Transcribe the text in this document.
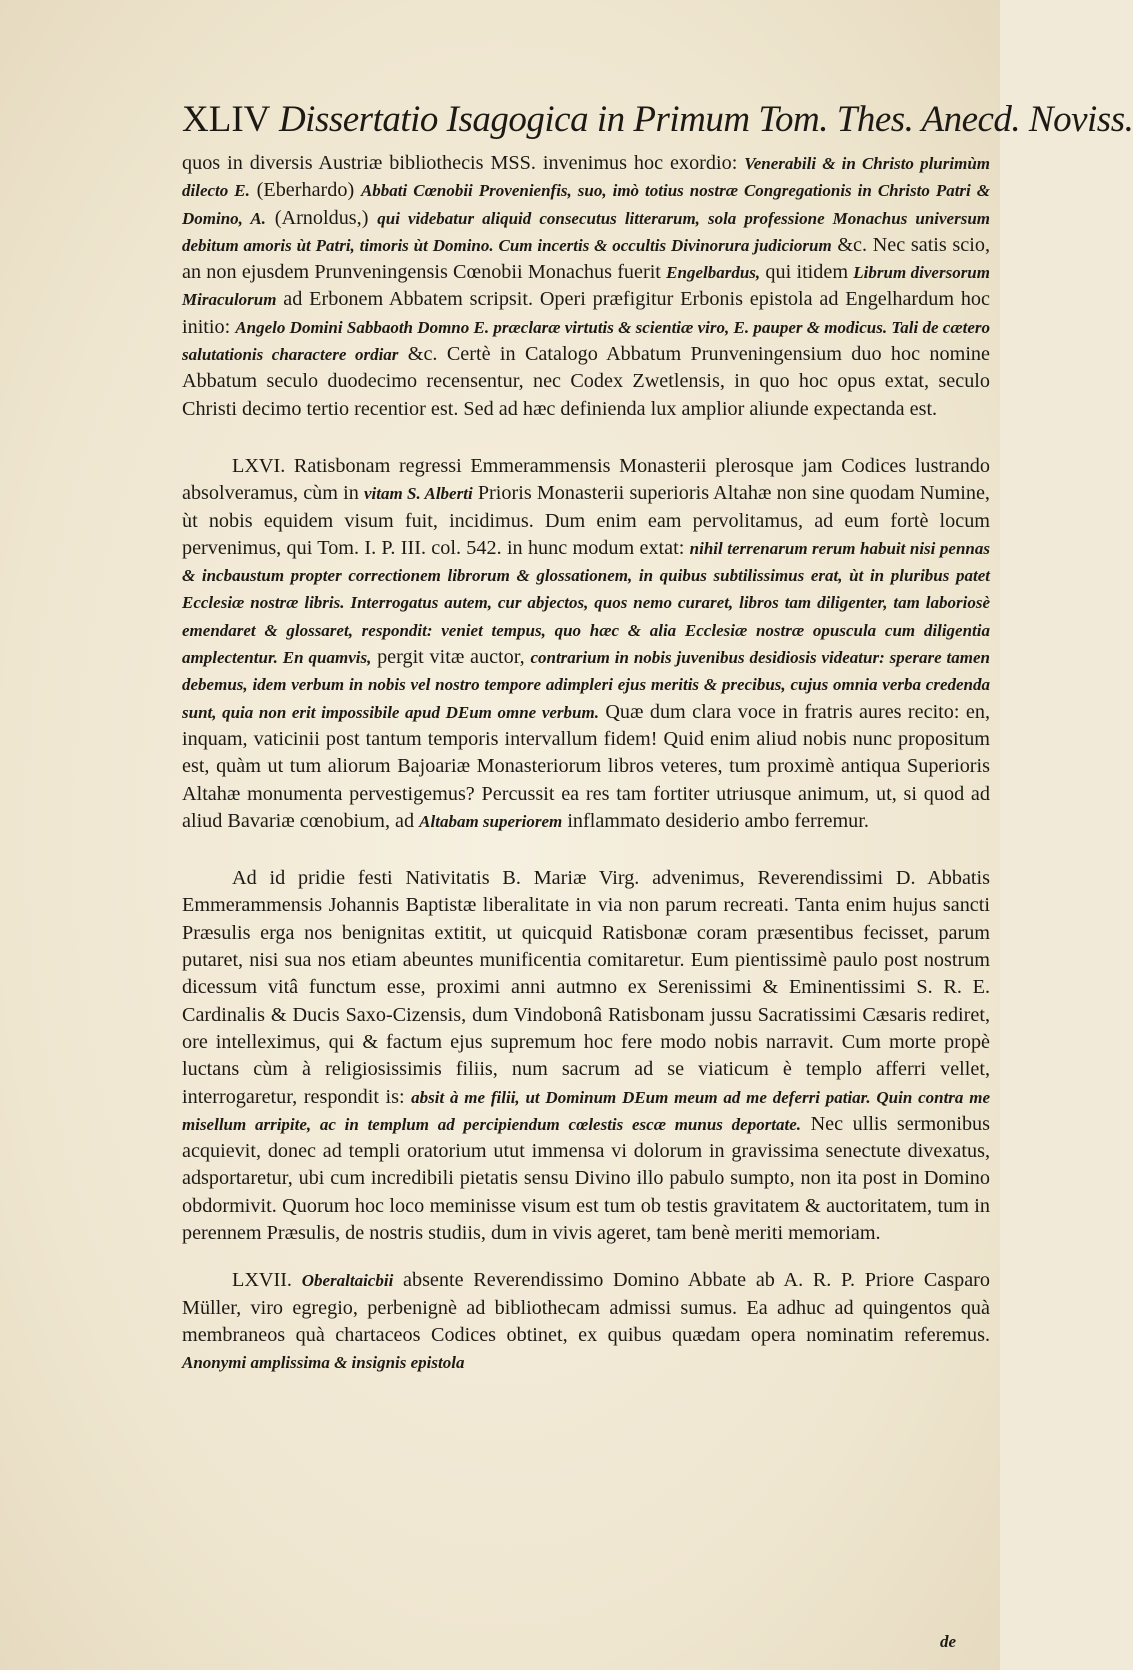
XLIV Dissertatio Isagogica in Primum Tom. Thes. Anecd. Noviss.

quos in diversis Austriæ bibliothecis MSS. invenimus hoc exordio: Venerabili & in Christo plurimùm dilecto E. (Eberhardo) Abbati Cœnobii Provenienfis, suo, imò totius nostræ Congregationis in Christo Patri & Domino, A. (Arnoldus,) qui videbatur aliquid consecutus litterarum, sola professione Monachus universum debitum amoris ùt Patri, timoris ùt Domino. Cum incertis & occultis Divinorura judiciorum &c. Nec satis scio, an non ejusdem Prunveningensis Cœnobii Monachus fuerit Engelbardus, qui itidem Librum diversorum Miraculorum ad Erbonem Abbatem scripsit. Operi præfigitur Erbonis epistola ad Engelhardum hoc initio: Angelo Domini Sabbaoth Domno E. præclaræ virtutis & scientiæ viro, E. pauper & modicus. Tali de cætero salutationis charactere ordiar &c. Certè in Catalogo Abbatum Prunveningensium duo hoc nomine Abbatum seculo duodecimo recensentur, nec Codex Zwetlensis, in quo hoc opus extat, seculo Christi decimo tertio recentior est. Sed ad hæc definienda lux amplior aliunde expectanda est.

LXVI. Ratisbonam regressi Emmerammensis Monasterii plerosque jam Codices lustrando absolveramus, cùm in vitam S. Alberti Prioris Monasterii superioris Altahæ non sine quodam Numine, ùt nobis equidem visum fuit, incidimus. Dum enim eam pervolitamus, ad eum fortè locum pervenimus, qui Tom. I. P. III. col. 542. in hunc modum extat: nihil terrenarum rerum habuit nisi pennas & incbaustum propter correctionem librorum & glossationem, in quibus subtilissimus erat, ùt in pluribus patet Ecclesiæ nostræ libris. Interrogatus autem, cur abjectos, quos nemo curaret, libros tam diligenter, tam laboriosè emendaret & glossaret, respondit: veniet tempus, quo hæc & alia Ecclesiæ nostræ opuscula cum diligentia amplectentur. En quamvis, pergit vitæ auctor, contrarium in nobis juvenibus desidiosis videatur: sperare tamen debemus, idem verbum in nobis vel nostro tempore adimpleri ejus meritis & precibus, cujus omnia verba credenda sunt, quia non erit impossibile apud DEum omne verbum. Quæ dum clara voce in fratris aures recito: en, inquam, vaticinii post tantum temporis intervallum fidem! Quid enim aliud nobis nunc propositum est, quàm ut tum aliorum Bajoariæ Monasteriorum libros veteres, tum proximè antiqua Superioris Altahæ monumenta pervestigemus? Percussit ea res tam fortiter utriusque animum, ut, si quod ad aliud Bavariæ cœnobium, ad Altabam superiorem inflammato desiderio ambo ferremur.

Ad id pridie festi Nativitatis B. Mariæ Virg. advenimus, Reverendissimi D. Abbatis Emmerammensis Johannis Baptistæ liberalitate in via non parum recreati. Tanta enim hujus sancti Præsulis erga nos benignitas extitit, ut quicquid Ratisbonæ coram præsentibus fecisset, parum putaret, nisi sua nos etiam abeuntes munificentia comitaretur. Eum pientissimè paulo post nostrum dicessum vitâ functum esse, proximi anni autmno ex Serenissimi & Eminentissimi S. R. E. Cardinalis & Ducis Saxo-Cizensis, dum Vindobonâ Ratisbonam jussu Sacratissimi Cæsaris rediret, ore intelleximus, qui & factum ejus supremum hoc fere modo nobis narravit. Cum morte propè luctans cùm à religiosissimis filiis, num sacrum ad se viaticum è templo afferri vellet, interrogaretur, respondit is: absit à me filii, ut Dominum DEum meum ad me deferri patiar. Quin contra me misellum arripite, ac in templum ad percipiendum cœlestis escæ munus deportate. Nec ullis sermonibus acquievit, donec ad templi oratorium utut immensa vi dolorum in gravissima senectute divexatus, adsportaretur, ubi cum incredibili pietatis sensu Divino illo pabulo sumpto, non ita post in Domino obdormivit. Quorum hoc loco meminisse visum est tum ob testis gravitatem & auctoritatem, tum in perennem Præsulis, de nostris studiis, dum in vivis ageret, tam benè meriti memoriam.

LXVII. Oberaltaicbii absente Reverendissimo Domino Abbate ab A. R. P. Priore Casparo Müller, viro egregio, perbenignè ad bibliothecam admissi sumus. Ea adhuc ad quingentos quà membraneos quà chartaceos Codices obtinet, ex quibus quædam opera nominatim referemus. Anonymi amplissima & insignis epistola

de
